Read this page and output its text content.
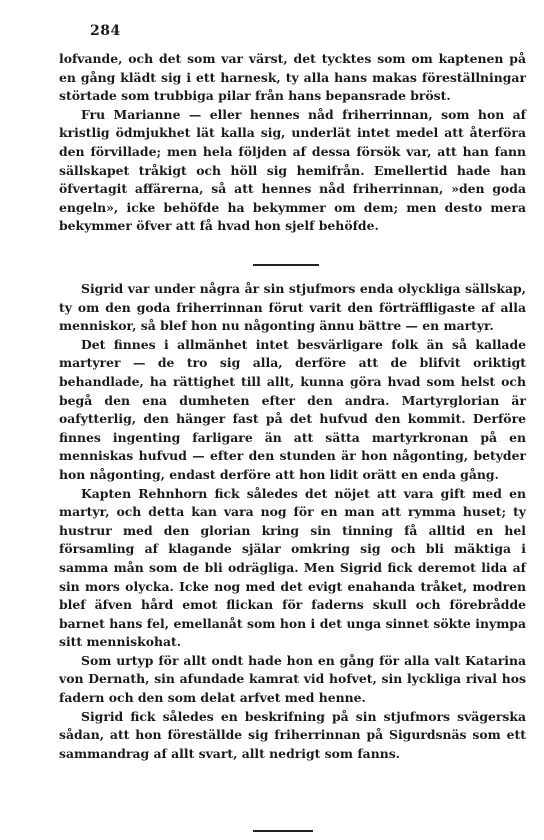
284

lofvande, och det som var värst, det tycktes som om kaptenen på en gång klädt sig i ett harnesk, ty alla hans makas föreställningar störtade som trubbiga pilar från hans bepansrade bröst.

Fru Marianne — eller hennes nåd friherrinnan, som hon af kristlig ödmjukhet lät kalla sig, underlät intet medel att återföra den förvillade; men hela följden af dessa försök var, att han fann sällskapet tråkigt och höll sig hemifrån. Emellertid hade han öfvertagit affärerna, så att hennes nåd friherrinnan, »den goda engeln», icke behöfde ha bekymmer om dem; men desto mera bekymmer öfver att få hvad hon sjelf behöfde.

Sigrid var under några år sin stjufmors enda olyckliga sällskap, ty om den goda friherrinnan förut varit den förträffligaste af alla menniskor, så blef hon nu någonting ännu bättre — en martyr.

Det finnes i allmänhet intet besvärligare folk än så kallade martyrer — de tro sig alla, derföre att de blifvit oriktigt behandlade, ha rättighet till allt, kunna göra hvad som helst och begå den ena dumheten efter den andra. Martyrglorian är oafytterlig, den hänger fast på det hufvud den kommit. Derföre finnes ingenting farligare än att sätta martyrkronan på en menniskas hufvud — efter den stunden är hon någonting, betyder hon någonting, endast derföre att hon lidit orätt en enda gång.

Kapten Rehnhorn fick således det nöjet att vara gift med en martyr, och detta kan vara nog för en man att rymma huset; ty hustrur med den glorian kring sin tinning få alltid en hel församling af klagande själar omkring sig och bli mäktiga i samma mån som de bli odrägliga. Men Sigrid fick deremot lida af sin mors olycka. Icke nog med det evigt enahanda tråket, modren blef äfven hård emot flickan för faderns skull och förebrådde barnet hans fel, emellanåt som hon i det unga sinnet sökte inympa sitt menniskohat.

Som urtyp för allt ondt hade hon en gång för alla valt Katarina von Dernath, sin afundade kamrat vid hofvet, sin lyckliga rival hos fadern och den som delat arfvet med henne.

Sigrid fick således en beskrifning på sin stjufmors svägerska sådan, att hon föreställde sig friherrinnan på Sigurdsnäs som ett sammandrag af allt svart, allt nedrigt som fanns.
